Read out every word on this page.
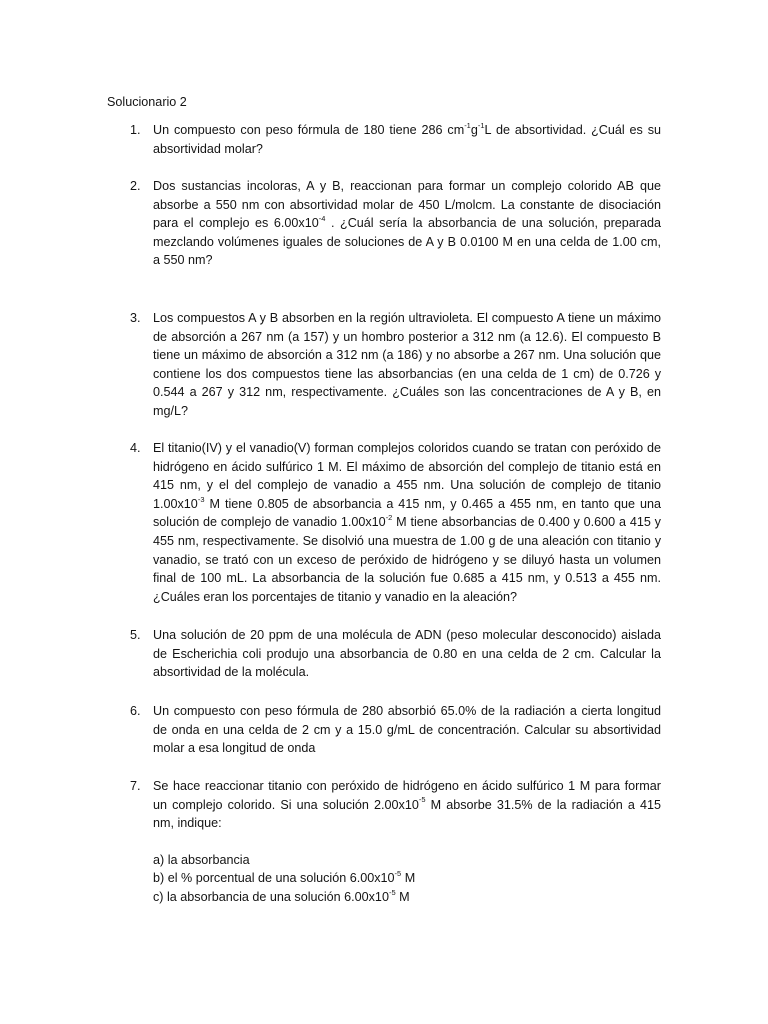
Solucionario 2
1. Un compuesto con peso fórmula de 180 tiene 286 $cm^{-1}g^{-1}L$ de absortividad. ¿Cuál es su absortividad molar?
2. Dos sustancias incoloras, A y B, reaccionan para formar un complejo colorido AB que absorbe a 550 nm con absortividad molar de 450 L/molcm. La constante de disociación para el complejo es $6.00x10^{-4}$ . ¿Cuál sería la absorbancia de una solución, preparada mezclando volúmenes iguales de soluciones de A y B 0.0100 M en una celda de 1.00 cm, a 550 nm?
3. Los compuestos A y B absorben en la región ultravioleta. El compuesto A tiene un máximo de absorción a 267 nm (a 157) y un hombro posterior a 312 nm (a 12.6). El compuesto B tiene un máximo de absorción a 312 nm (a 186) y no absorbe a 267 nm. Una solución que contiene los dos compuestos tiene las absorbancias (en una celda de 1 cm) de 0.726 y 0.544 a 267 y 312 nm, respectivamente. ¿Cuáles son las concentraciones de A y B, en mg/L?
4. El titanio(IV) y el vanadio(V) forman complejos coloridos cuando se tratan con peróxido de hidrógeno en ácido sulfúrico 1 M. El máximo de absorción del complejo de titanio está en 415 nm, y el del complejo de vanadio a 455 nm. Una solución de complejo de titanio $1.00x10^{-3}$ M tiene 0.805 de absorbancia a 415 nm, y 0.465 a 455 nm, en tanto que una solución de complejo de vanadio $1.00x10^{-2}$ M tiene absorbancias de 0.400 y 0.600 a 415 y 455 nm, respectivamente. Se disolvió una muestra de 1.00 g de una aleación con titanio y vanadio, se trató con un exceso de peróxido de hidrógeno y se diluyó hasta un volumen final de 100 mL. La absorbancia de la solución fue 0.685 a 415 nm, y 0.513 a 455 nm. ¿Cuáles eran los porcentajes de titanio y vanadio en la aleación?
5. Una solución de 20 ppm de una molécula de ADN (peso molecular desconocido) aislada de Escherichia coli produjo una absorbancia de 0.80 en una celda de 2 cm. Calcular la absortividad de la molécula.
6. Un compuesto con peso fórmula de 280 absorbió 65.0% de la radiación a cierta longitud de onda en una celda de 2 cm y a 15.0 g/mL de concentración. Calcular su absortividad molar a esa longitud de onda
7. Se hace reaccionar titanio con peróxido de hidrógeno en ácido sulfúrico 1 M para formar un complejo colorido. Si una solución $2.00x10^{-5}$ M absorbe 31.5% de la radiación a 415 nm, indique:
a) la absorbancia
b) el % porcentual de una solución $6.00x10^{-5}$ M
c) la absorbancia de una solución $6.00x10^{-5}$ M
